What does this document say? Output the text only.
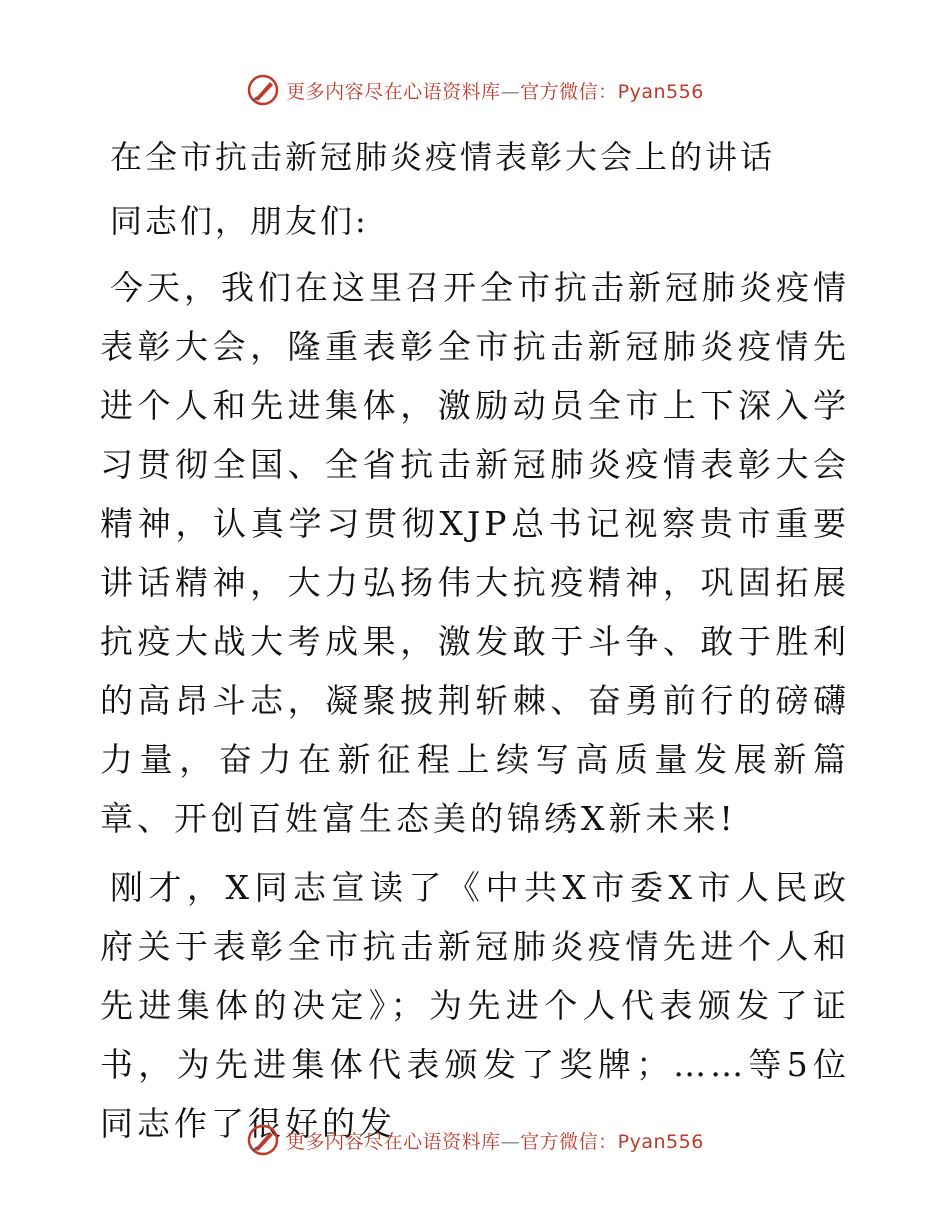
更多内容尽在心语资料库—官方微信：Pyan556
在全市抗击新冠肺炎疫情表彰大会上的讲话
同志们，朋友们:

今天，我们在这里召开全市抗击新冠肺炎疫情表彰大会，隆重表彰全市抗击新冠肺炎疫情先进个人和先进集体，激励动员全市上下深入学习贯彻全国、全省抗击新冠肺炎疫情表彰大会精神，认真学习贯彻XJP总书记视察贵市重要讲话精神，大力弘扬伟大抗疫精神，巩固拓展抗疫大战大考成果，激发敢于斗争、敢于胜利的高昂斗志，凝聚披荆斩棘、奋勇前行的磅礴力量，奋力在新征程上续写高质量发展新篇章、开创百姓富生态美的锦绣X新未来!

刚才，X同志宣读了《中共X市委X市人民政府关于表彰全市抗击新冠肺炎疫情先进个人和先进集体的决定》；为先进个人代表颁发了证书，为先进集体代表颁发了奖牌；……等5位同志作了很好的发

更多内容尽在心语资料库—官方微信：Pyan556
